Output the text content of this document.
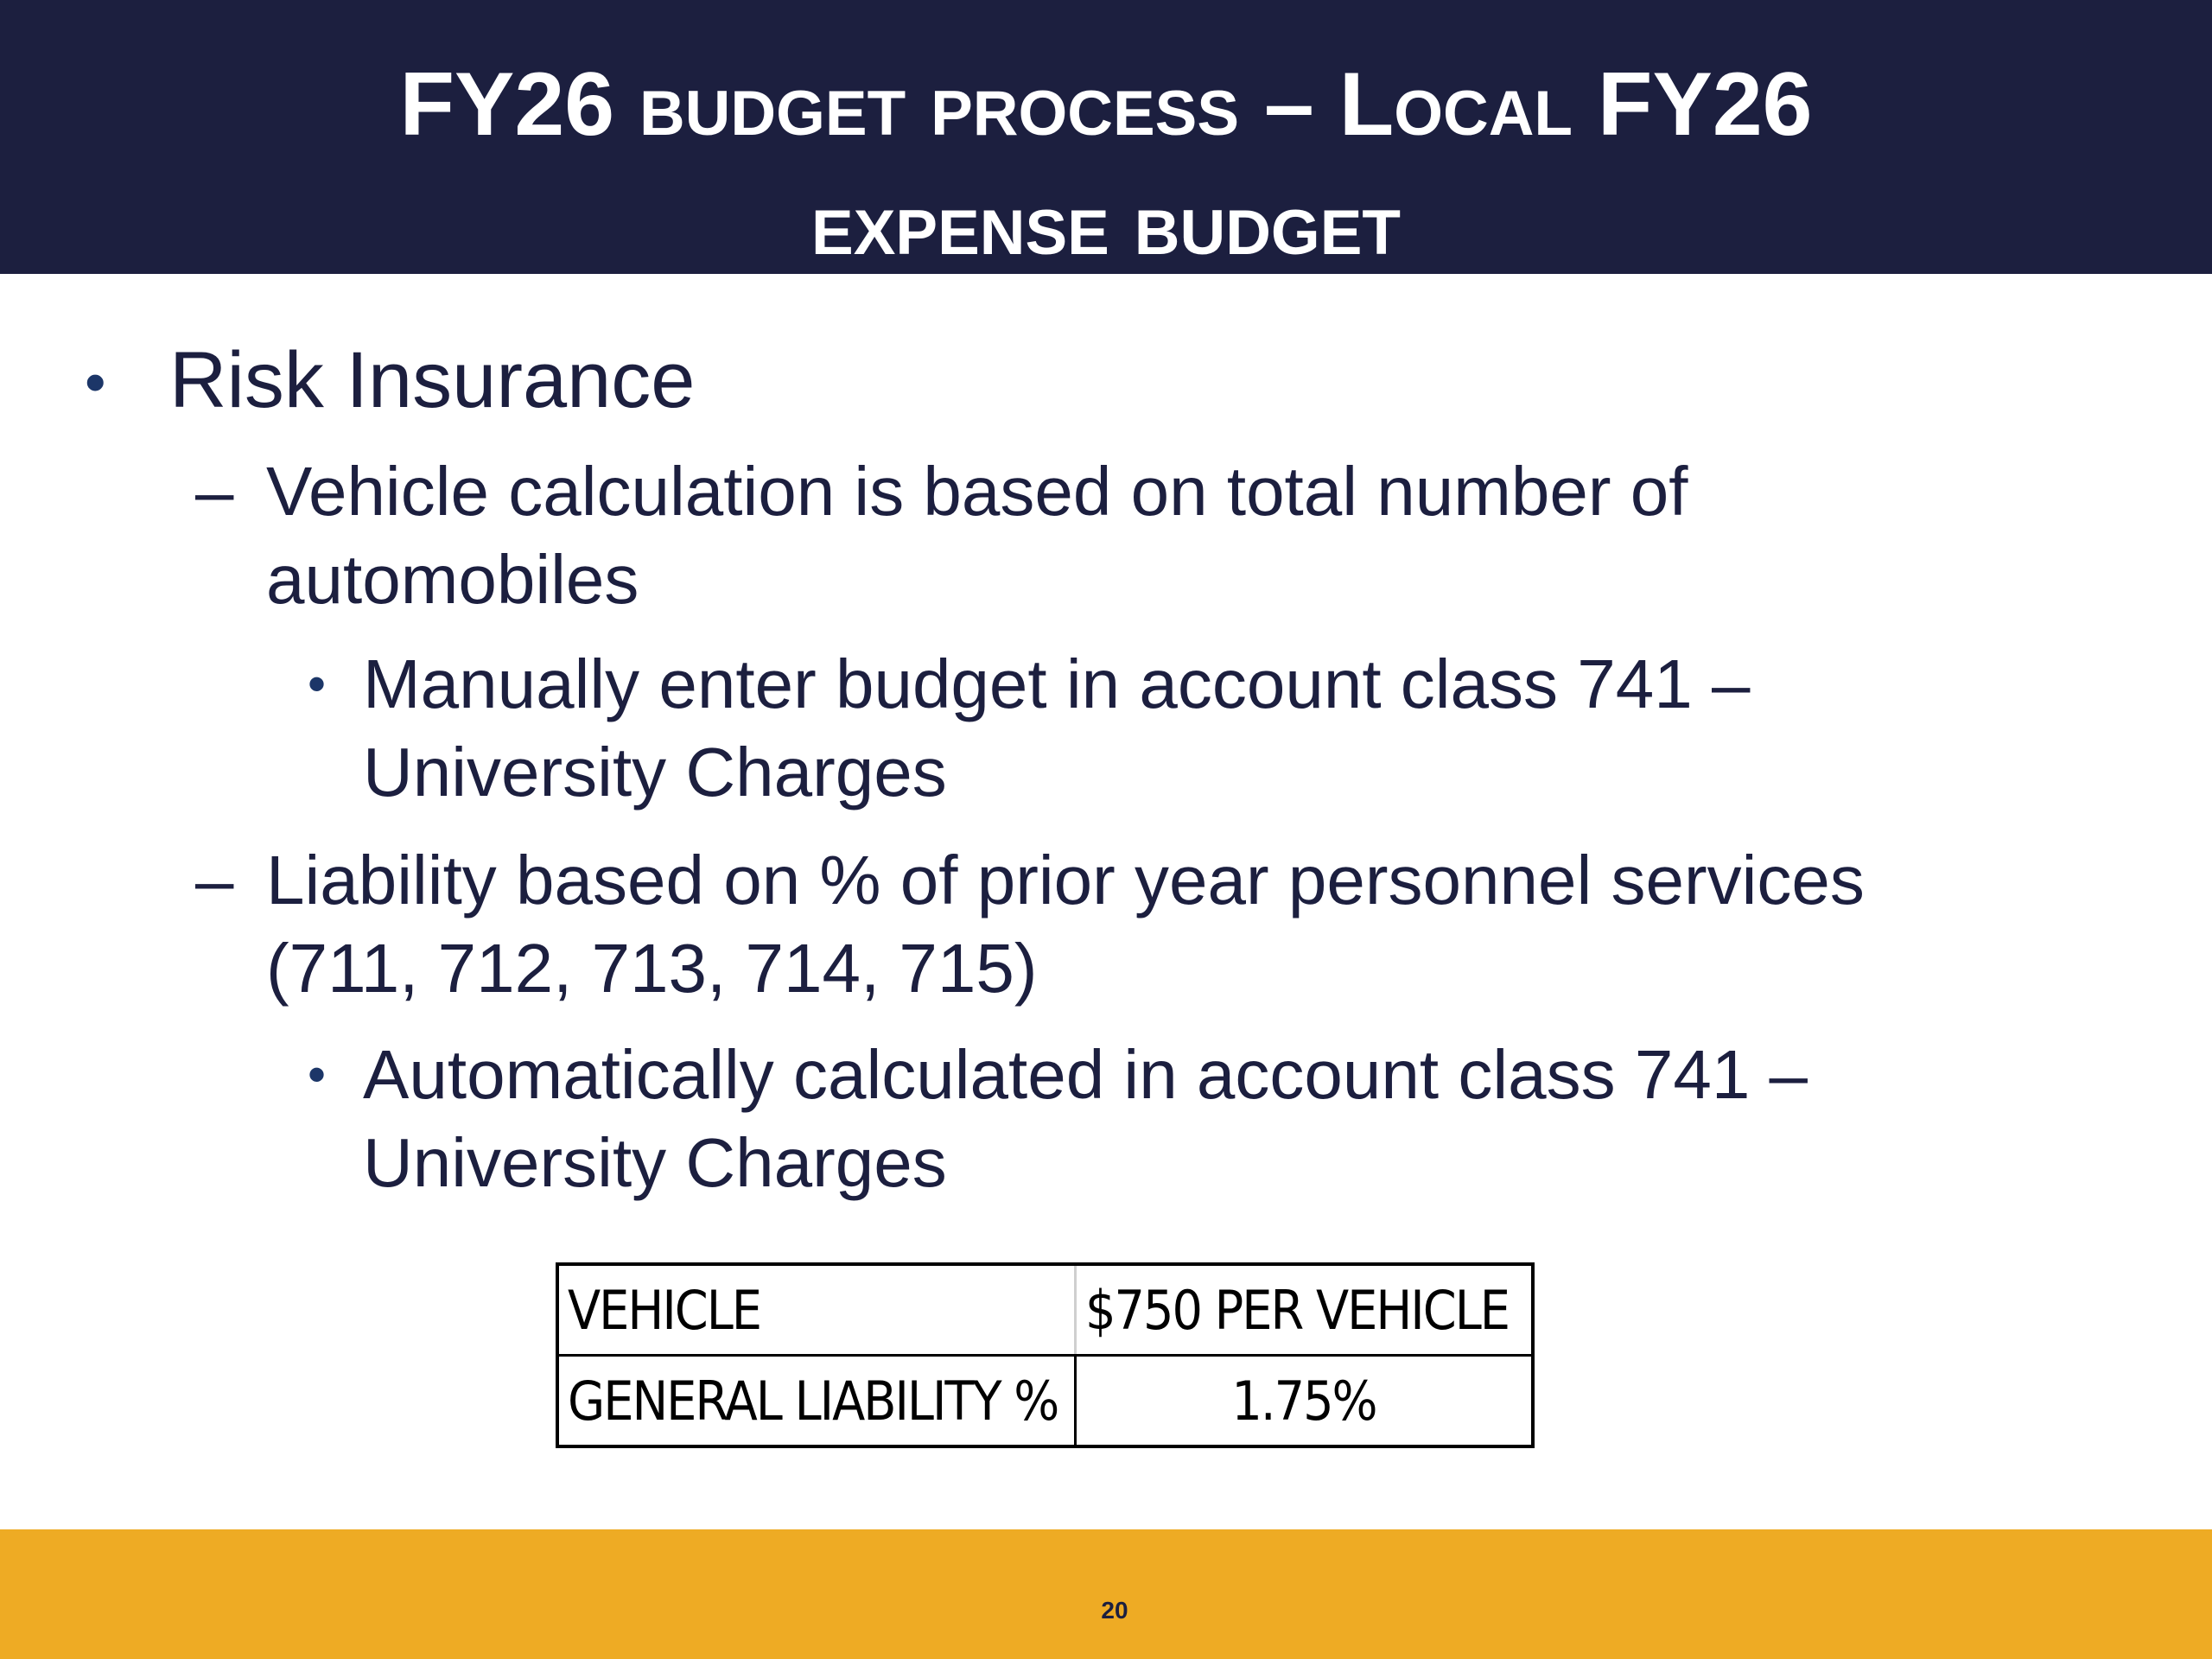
FY26 budget process – Local FY26
expense budget
• Risk Insurance
– Vehicle calculation is based on total number of
automobiles
• Manually enter budget in account class 741 –
University Charges
– Liability based on % of prior year personnel services
(711, 712, 713, 714, 715)
• Automatically calculated in account class 741 –
University Charges
VEHICLE	$750 PER VEHICLE
GENERAL LIABILITY %	1.75%
20
